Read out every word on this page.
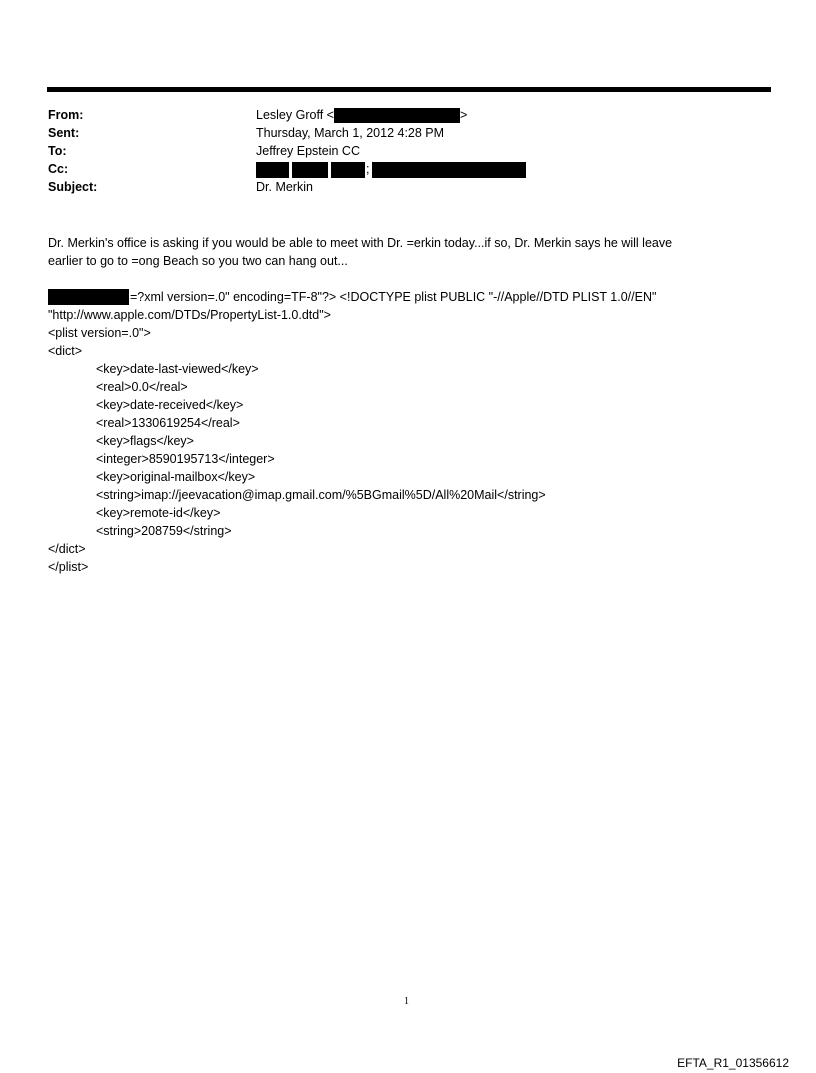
From:	Lesley Groff <	>
Sent:	Thursday, March 1, 2012 4:28 PM
To:	Jeffrey Epstein CC
Cc:	;
Subject:	Dr. Merkin
Dr. Merkin's office is asking if you would be able to meet with Dr. =erkin today...if so, Dr. Merkin says he will leave
earlier to go to =ong Beach so you two can hang out...
=?xml version=.0" encoding=TF-8"?> <!DOCTYPE plist PUBLIC "-//Apple//DTD PLIST 1.0//EN"
"http://www.apple.com/DTDs/PropertyList-1.0.dtd">
<plist version=.0">
<dict>
<key>date-last-viewed</key>
<real>0.0</real>
<key>date-received</key>
<real>1330619254</real>
<key>flags</key>
<integer>8590195713</integer>
<key>original-mailbox</key>
<string>imap://jeevacation@imap.gmail.com/%5BGmail%5D/All%20Mail</string>
<key>remote-id</key>
<string>208759</string>
</dict>
</plist>
1
EFTA_R1_01356612
